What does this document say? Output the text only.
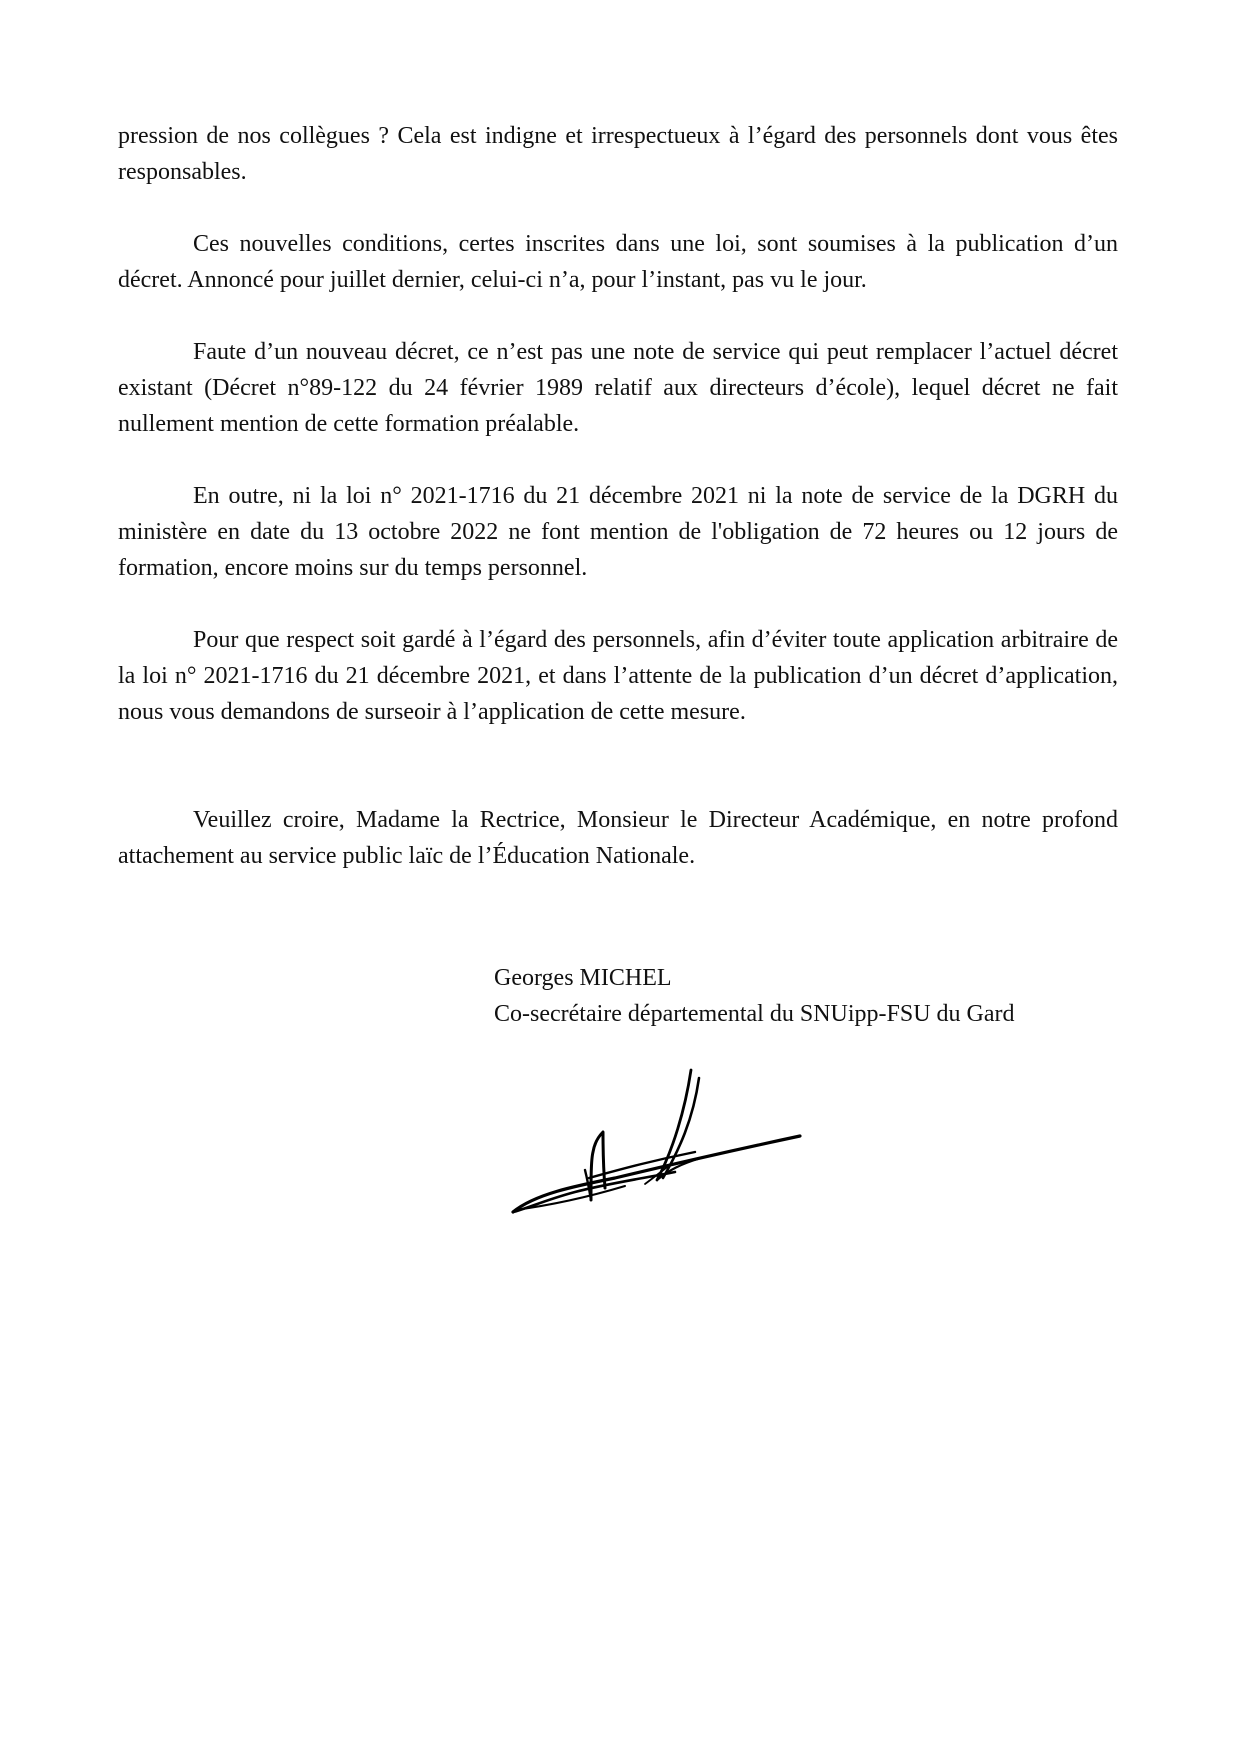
pression de nos collègues ? Cela est indigne et irrespectueux à l’égard des personnels dont vous êtes responsables.

Ces nouvelles conditions, certes inscrites dans une loi, sont soumises à la publication d’un décret. Annoncé pour juillet dernier, celui-ci n’a, pour l’instant, pas vu le jour.

Faute d’un nouveau décret, ce n’est pas une note de service qui peut remplacer l’actuel décret existant (Décret n°89-122 du 24 février 1989 relatif aux directeurs d’école), lequel décret ne fait nullement mention de cette formation préalable.

En outre, ni la loi n° 2021-1716 du 21 décembre 2021 ni la note de service de la DGRH du ministère en date du 13 octobre 2022 ne font mention de l'obligation de 72 heures ou 12 jours de formation, encore moins sur du temps personnel.

Pour que respect soit gardé à l’égard des personnels, afin d’éviter toute application arbitraire de la loi n° 2021-1716 du 21 décembre 2021, et dans l’attente de la publication d’un décret d’application, nous vous demandons de surseoir à l’application de cette mesure.

Veuillez croire, Madame la Rectrice, Monsieur le Directeur Académique, en notre profond attachement au service public laïc de l’Éducation Nationale.

Georges MICHEL
Co-secrétaire départemental du SNUipp-FSU du Gard
